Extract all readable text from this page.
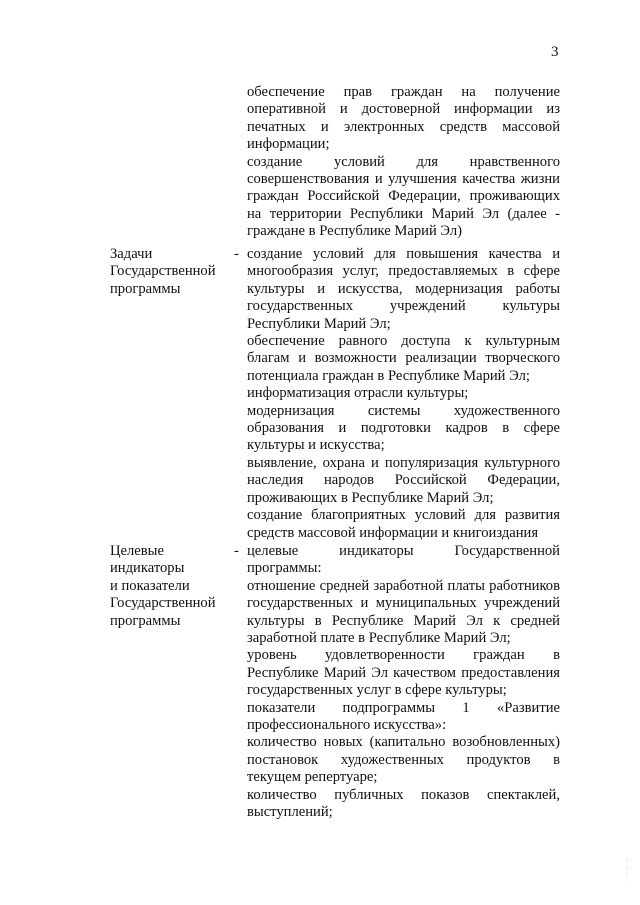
3

обеспечение прав граждан на получение оперативной и достоверной информации из печатных и электронных средств массовой информации;

создание условий для нравственного совершенствования и улучшения качества жизни граждан Российской Федерации, проживающих на территории Республики Марий Эл (далее - граждане в Республике Марий Эл)

Задачи
Государственной
программы
- создание условий для повышения качества и многообразия услуг, предоставляемых в сфере культуры и искусства, модернизация работы государственных учреждений культуры Республики Марий Эл;

обеспечение равного доступа к культурным благам и возможности реализации творческого потенциала граждан в Республике Марий Эл;

информатизация отрасли культуры;

модернизация системы художественного образования и подготовки кадров в сфере культуры и искусства;

выявление, охрана и популяризация культурного наследия народов Российской Федерации, проживающих в Республике Марий Эл;

создание благоприятных условий для развития средств массовой информации и книгоиздания

Целевые
индикаторы
и показатели
Государственной
программы
- целевые индикаторы Государственной программы:

отношение средней заработной платы работников государственных и муниципальных учреждений культуры в Республике Марий Эл к средней заработной плате в Республике Марий Эл;

уровень удовлетворенности граждан в Республике Марий Эл качеством предоставления государственных услуг в сфере культуры;

показатели подпрограммы 1 «Развитие профессионального искусства»:

количество новых (капитально возобновленных) постановок художественных продуктов в текущем репертуаре;

количество публичных показов спектаклей, выступлений;

:
:
:
.
